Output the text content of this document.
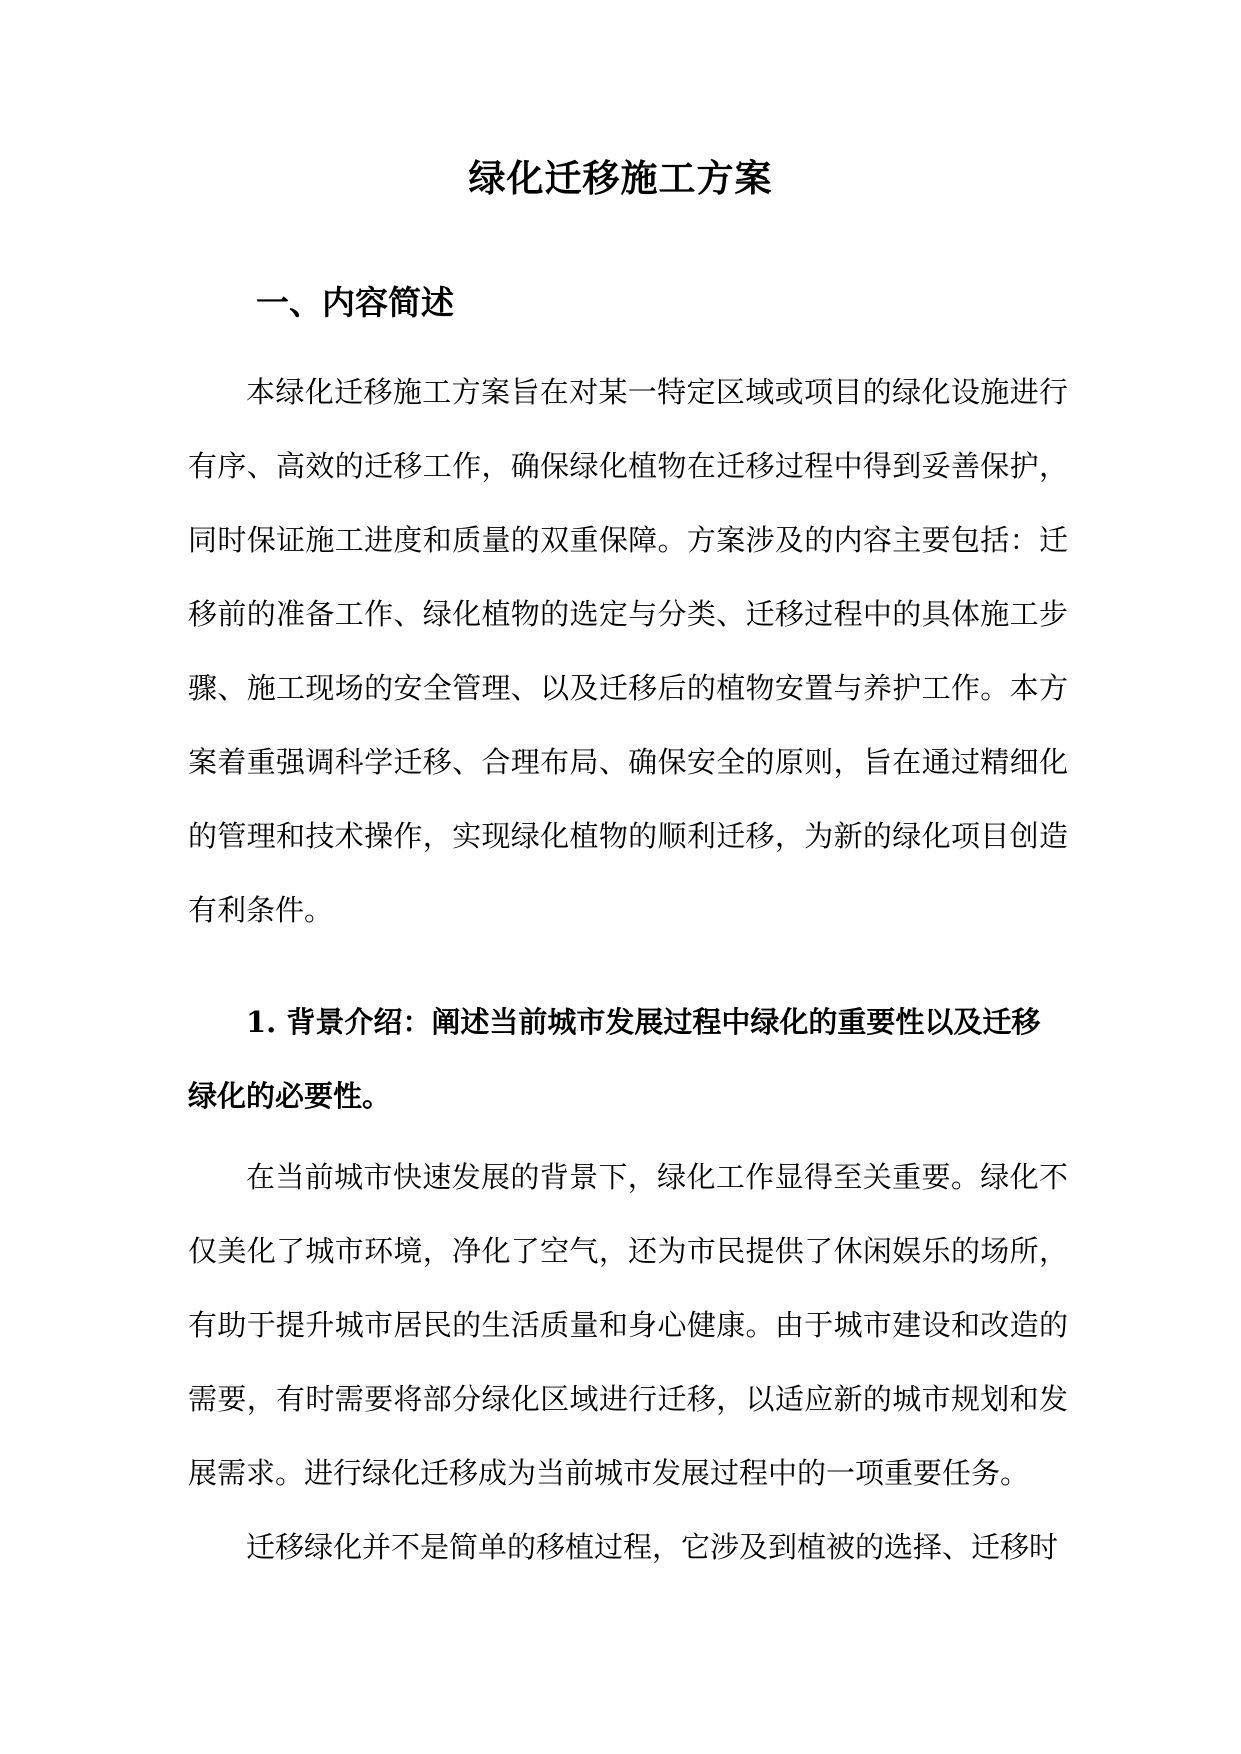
绿化迁移施工方案
一、内容简述

本绿化迁移施工方案旨在对某一特定区域或项目的绿化设施进行有序、高效的迁移工作，确保绿化植物在迁移过程中得到妥善保护，同时保证施工进度和质量的双重保障。方案涉及的内容主要包括：迁移前的准备工作、绿化植物的选定与分类、迁移过程中的具体施工步骤、施工现场的安全管理、以及迁移后的植物安置与养护工作。本方案着重强调科学迁移、合理布局、确保安全的原则，旨在通过精细化的管理和技术操作，实现绿化植物的顺利迁移，为新的绿化项目创造有利条件。

1. 背景介绍：阐述当前城市发展过程中绿化的重要性以及迁移绿化的必要性。

在当前城市快速发展的背景下，绿化工作显得至关重要。绿化不仅美化了城市环境，净化了空气，还为市民提供了休闲娱乐的场所，有助于提升城市居民的生活质量和身心健康。由于城市建设和改造的需要，有时需要将部分绿化区域进行迁移，以适应新的城市规划和发展需求。进行绿化迁移成为当前城市发展过程中的一项重要任务。

迁移绿化并不是简单的移植过程，它涉及到植被的选择、迁移时
